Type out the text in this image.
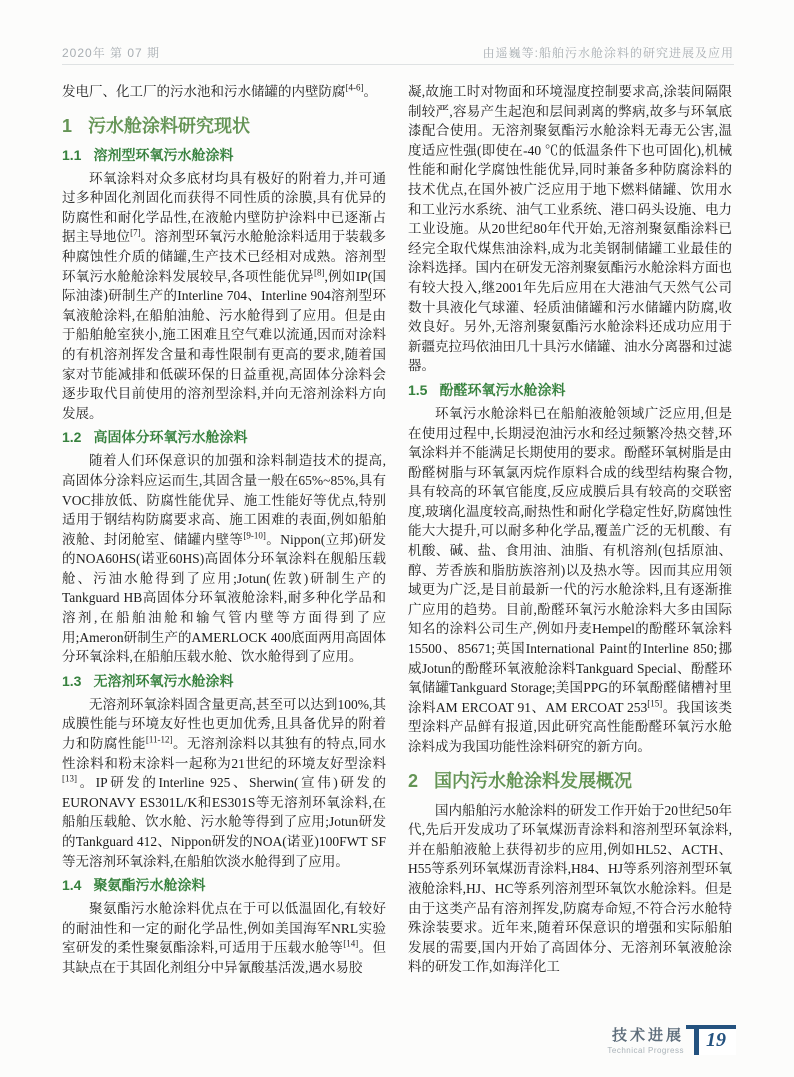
2020年 第 07 期	由遥巍等:船舶污水舱涂料的研究进展及应用
发电厂、化工厂的污水池和污水储罐的内壁防腐[4-6]。
1 污水舱涂料研究现状
1.1 溶剂型环氧污水舱涂料
环氧涂料对众多底材均具有极好的附着力,并可通过多种固化剂固化而获得不同性质的涂膜,具有优异的防腐性和耐化学品性,在液舱内壁防护涂料中已逐渐占据主导地位[7]。溶剂型环氧污水舱舱涂料适用于装载多种腐蚀性介质的储罐,生产技术已经相对成熟。溶剂型环氧污水舱舱涂料发展较早,各项性能优异[8],例如IP(国际油漆)研制生产的Interline 704、Interline 904溶剂型环氧液舱涂料,在船舶油舱、污水舱得到了应用。但是由于船舶舱室狭小,施工困难且空气难以流通,因而对涂料的有机溶剂挥发含量和毒性限制有更高的要求,随着国家对节能减排和低碳环保的日益重视,高固体分涂料会逐步取代目前使用的溶剂型涂料,并向无溶剂涂料方向发展。
1.2 高固体分环氧污水舱涂料
随着人们环保意识的加强和涂料制造技术的提高,高固体分涂料应运而生,其固含量一般在65%~85%,具有VOC排放低、防腐性能优异、施工性能好等优点,特别适用于钢结构防腐要求高、施工困难的表面,例如船舶液舱、封闭舱室、储罐内壁等[9-10]。Nippon(立邦)研发的NOA60HS(诺亚60HS)高固体分环氧涂料在舰船压载舱、污油水舱得到了应用;Jotun(佐敦)研制生产的Tankguard HB高固体分环氧液舱涂料,耐多种化学品和溶剂,在船舶油舱和输气管内壁等方面得到了应用;Ameron研制生产的AMERLOCK 400底面两用高固体分环氧涂料,在船舶压载水舱、饮水舱得到了应用。
1.3 无溶剂环氧污水舱涂料
无溶剂环氧涂料固含量更高,甚至可以达到100%,其成膜性能与环境友好性也更加优秀,且具备优异的附着力和防腐性能[11-12]。无溶剂涂料以其独有的特点,同水性涂料和粉末涂料一起称为21世纪的环境友好型涂料[13]。IP研发的Interline 925、Sherwin(宣伟)研发的EURONAVY ES301L/K和ES301S等无溶剂环氧涂料,在船舶压载舱、饮水舱、污水舱等得到了应用;Jotun研发的Tankguard 412、Nippon研发的NOA(诺亚)100FWT SF等无溶剂环氧涂料,在船舶饮淡水舱得到了应用。
1.4 聚氨酯污水舱涂料
聚氨酯污水舱涂料优点在于可以低温固化,有较好的耐油性和一定的耐化学品性,例如美国海军NRL实验室研发的柔性聚氨酯涂料,可适用于压载水舱等[14]。但其缺点在于其固化剂组分中异氰酸基活泼,遇水易胶
凝,故施工时对物面和环境湿度控制要求高,涂装间隔限制较严,容易产生起泡和层间剥离的弊病,故多与环氧底漆配合使用。无溶剂聚氨酯污水舱涂料无毒无公害,温度适应性强(即使在-40 ℃的低温条件下也可固化),机械性能和耐化学腐蚀性能优异,同时兼备多种防腐涂料的技术优点,在国外被广泛应用于地下燃料储罐、饮用水和工业污水系统、油气工业系统、港口码头设施、电力工业设施。从20世纪80年代开始,无溶剂聚氨酯涂料已经完全取代煤焦油涂料,成为北美钢制储罐工业最佳的涂料选择。国内在研发无溶剂聚氨酯污水舱涂料方面也有较大投入,继2001年先后应用在大港油气天然气公司数十具液化气球灌、轻质油储罐和污水储罐内防腐,收效良好。另外,无溶剂聚氨酯污水舱涂料还成功应用于新疆克拉玛依油田几十具污水储罐、油水分离器和过滤器。
1.5 酚醛环氧污水舱涂料
环氧污水舱涂料已在船舶液舱领域广泛应用,但是在使用过程中,长期浸泡油污水和经过频繁冷热交替,环氧涂料并不能满足长期使用的要求。酚醛环氧树脂是由酚醛树脂与环氧氯丙烷作原料合成的线型结构聚合物,具有较高的环氧官能度,反应成膜后具有较高的交联密度,玻璃化温度较高,耐热性和耐化学稳定性好,防腐蚀性能大大提升,可以耐多种化学品,覆盖广泛的无机酸、有机酸、碱、盐、食用油、油脂、有机溶剂(包括原油、醇、芳香族和脂肪族溶剂)以及热水等。因而其应用领域更为广泛,是目前最新一代的污水舱涂料,且有逐渐推广应用的趋势。目前,酚醛环氧污水舱涂料大多由国际知名的涂料公司生产,例如丹麦Hempel的酚醛环氧涂料15500、85671;英国International Paint的Interline 850;挪威Jotun的酚醛环氧液舱涂料Tankguard Special、酚醛环氧储罐Tankguard Storage;美国PPG的环氧酚醛储槽衬里涂料AM ERCOAT 91、AM ERCOAT 253[15]。我国该类型涂料产品鲜有报道,因此研究高性能酚醛环氧污水舱涂料成为我国功能性涂料研究的新方向。
2 国内污水舱涂料发展概况
国内船舶污水舱涂料的研发工作开始于20世纪50年代,先后开发成功了环氧煤沥青涂料和溶剂型环氧涂料,并在船舶液舱上获得初步的应用,例如HL52、ACTH、H55等系列环氧煤沥青涂料,H84、HJ等系列溶剂型环氧液舱涂料,HJ、HC等系列溶剂型环氧饮水舱涂料。但是由于这类产品有溶剂挥发,防腐寿命短,不符合污水舱特殊涂装要求。近年来,随着环保意识的增强和实际船舶发展的需要,国内开始了高固体分、无溶剂环氧液舱涂料的研发工作,如海洋化工
技术进展
Technical Progress	19
